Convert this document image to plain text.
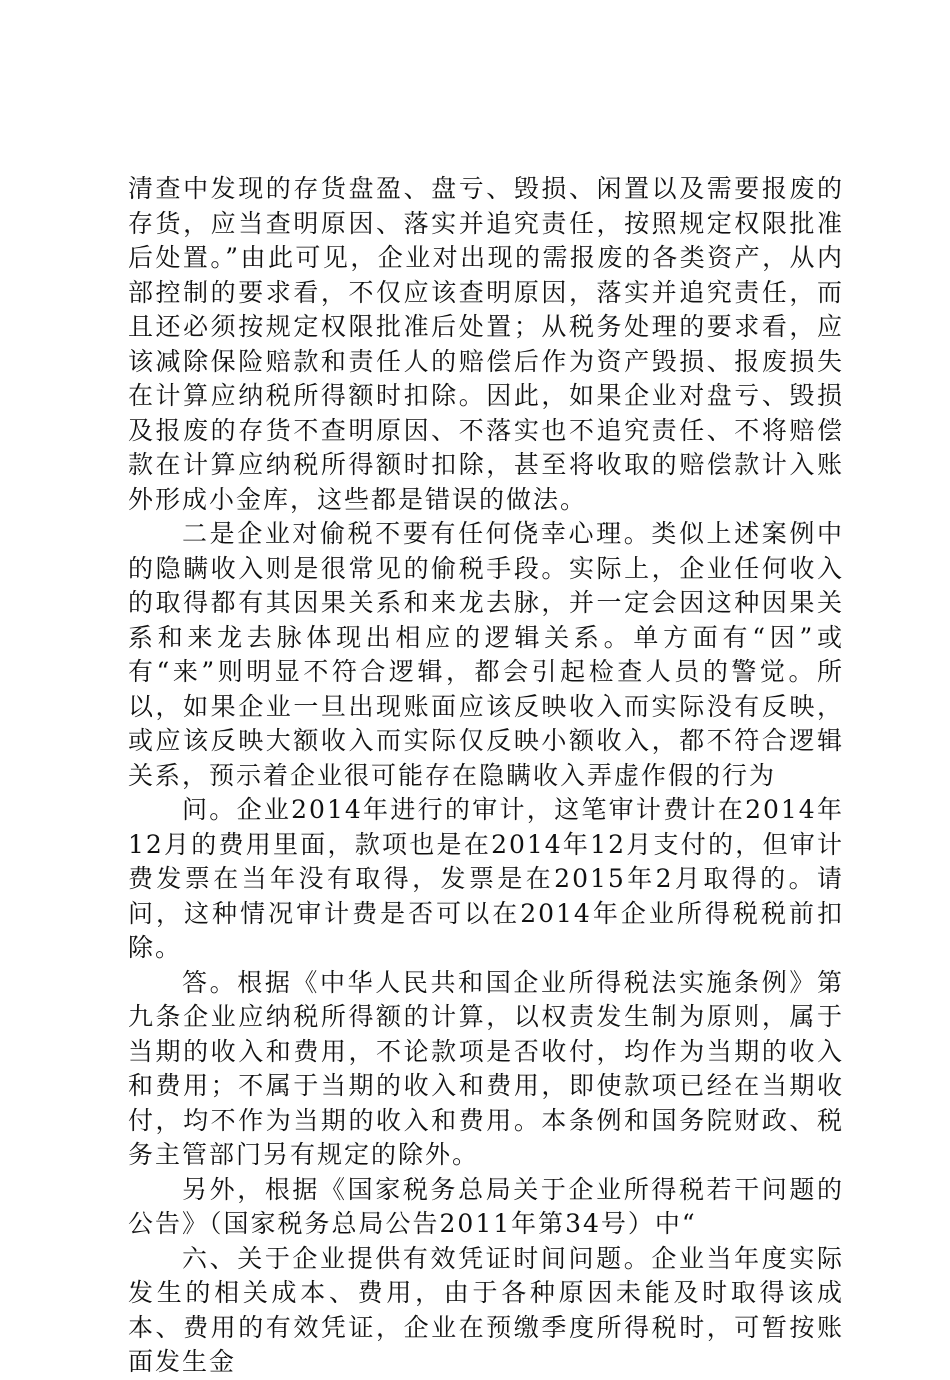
清查中发现的存货盘盈、盘亏、毁损、闲置以及需要报废的存货，应当查明原因、落实并追究责任，按照规定权限批准后处置。”由此可见，企业对出现的需报废的各类资产，从内部控制的要求看，不仅应该查明原因，落实并追究责任，而且还必须按规定权限批准后处置；从税务处理的要求看，应该减除保险赔款和责任人的赔偿后作为资产毁损、报废损失在计算应纳税所得额时扣除。因此，如果企业对盘亏、毁损及报废的存货不查明原因、不落实也不追究责任、不将赔偿款在计算应纳税所得额时扣除，甚至将收取的赔偿款计入账外形成小金库，这些都是错误的做法。

二是企业对偷税不要有任何侥幸心理。类似上述案例中的隐瞒收入则是很常见的偷税手段。实际上，企业任何收入的取得都有其因果关系和来龙去脉，并一定会因这种因果关系和来龙去脉体现出相应的逻辑关系。单方面有“因”或有“来”则明显不符合逻辑，都会引起检查人员的警觉。所以，如果企业一旦出现账面应该反映收入而实际没有反映，或应该反映大额收入而实际仅反映小额收入，都不符合逻辑关系，预示着企业很可能存在隐瞒收入弄虚作假的行为

问。企业2014年进行的审计，这笔审计费计在2014年12月的费用里面，款项也是在2014年12月支付的，但审计费发票在当年没有取得，发票是在2015年2月取得的。请问，这种情况审计费是否可以在2014年企业所得税税前扣除。

答。根据《中华人民共和国企业所得税法实施条例》第九条企业应纳税所得额的计算，以权责发生制为原则，属于当期的收入和费用，不论款项是否收付，均作为当期的收入和费用；不属于当期的收入和费用，即使款项已经在当期收付，均不作为当期的收入和费用。本条例和国务院财政、税务主管部门另有规定的除外。

另外，根据《国家税务总局关于企业所得税若干问题的公告》（国家税务总局公告2011年第34号）中“

六、关于企业提供有效凭证时间问题。企业当年度实际发生的相关成本、费用，由于各种原因未能及时取得该成本、费用的有效凭证，企业在预缴季度所得税时，可暂按账面发生金
